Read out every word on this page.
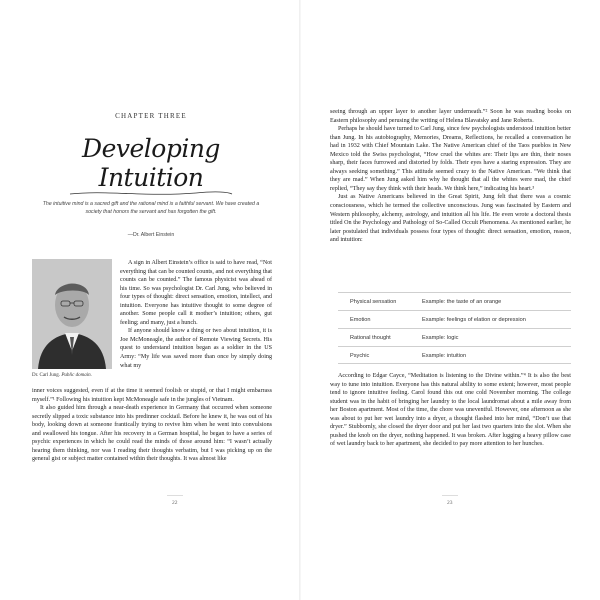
CHAPTER THREE
Developing Intuition
The intuitive mind is a sacred gift and the rational mind is a faithful servant. We have created a society that honors the servant and has forgotten the gift.
—Dr. Albert Einstein
Dr. Carl Jung. Public domain.

A sign in Albert Einstein’s office is said to have read, “Not everything that can be counted counts, and not everything that counts can be counted.” The famous physicist was ahead of his time. So was psychologist Dr. Carl Jung, who believed in four types of thought: direct sensation, emotion, intellect, and intuition. Everyone has intuitive thought to some degree of another. Some people call it mother’s intuition; others, gut feeling; and many, just a hunch.

If anyone should know a thing or two about intuition, it is Joe McMoneagle, the author of Remote Viewing Secrets. His quest to understand intuition began as a soldier in the US Army: “My life was saved more than once by simply doing what my

inner voices suggested, even if at the time it seemed foolish or stupid, or that I might embarrass myself.”¹ Following his intuition kept McMoneagle safe in the jungles of Vietnam.

It also guided him through a near-death experience in Germany that occurred when someone secretly slipped a toxic substance into his predinner cocktail. Before he knew it, he was out of his body, looking down at someone frantically trying to revive him when he went into convulsions and swallowed his tongue. After his recovery in a German hospital, he began to have a series of psychic experiences in which he could read the minds of those around him: “I wasn’t actually hearing them thinking, nor was I reading their thoughts verbatim, but I was picking up on the general gist or subject matter contained within their thoughts. It was almost like

22

seeing through an upper layer to another layer underneath.”² Soon he was reading books on Eastern philosophy and perusing the writing of Helena Blavatsky and Jane Roberts.

Perhaps he should have turned to Carl Jung, since few psychologists understood intuition better than Jung. In his autobiography, Memories, Dreams, Reflections, he recalled a conversation he had in 1932 with Chief Mountain Lake. The Native American chief of the Taos pueblos in New Mexico told the Swiss psychologist, “How cruel the whites are: Their lips are thin, their noses sharp, their faces furrowed and distorted by folds. Their eyes have a staring expression. They are always seeking something.” This attitude seemed crazy to the Native American. “We think that they are mad.” When Jung asked him why he thought that all the whites were mad, the chief replied, “They say they think with their heads. We think here,” indicating his heart.³

Just as Native Americans believed in the Great Spirit, Jung felt that there was a cosmic consciousness, which he termed the collective unconscious. Jung was fascinated by Eastern and Western philosophy, alchemy, astrology, and intuition all his life. He even wrote a doctoral thesis titled On the Psychology and Pathology of So-Called Occult Phenomena. As mentioned earlier, he later postulated that individuals possess four types of thought: direct sensation, emotion, reason, and intuition:

Physical sensation	Example: the taste of an orange
Emotion	Example: feelings of elation or depression
Rational thought	Example: logic
Psychic	Example: intuition

According to Edgar Cayce, “Meditation is listening to the Divine within.”⁴ It is also the best way to tune into intuition. Everyone has this natural ability to some extent; however, most people tend to ignore intuitive feeling. Carol found this out one cold November morning. The college student was in the habit of bringing her laundry to the local laundromat about a mile away from her Boston apartment. Most of the time, the chore was uneventful. However, one afternoon as she was about to put her wet laundry into a dryer, a thought flashed into her mind, “Don’t use that dryer.” Stubbornly, she closed the dryer door and put her last two quarters into the slot. When she pushed the knob on the dryer, nothing happened. It was broken. After lugging a heavy pillow case of wet laundry back to her apartment, she decided to pay more attention to her hunches.

23
